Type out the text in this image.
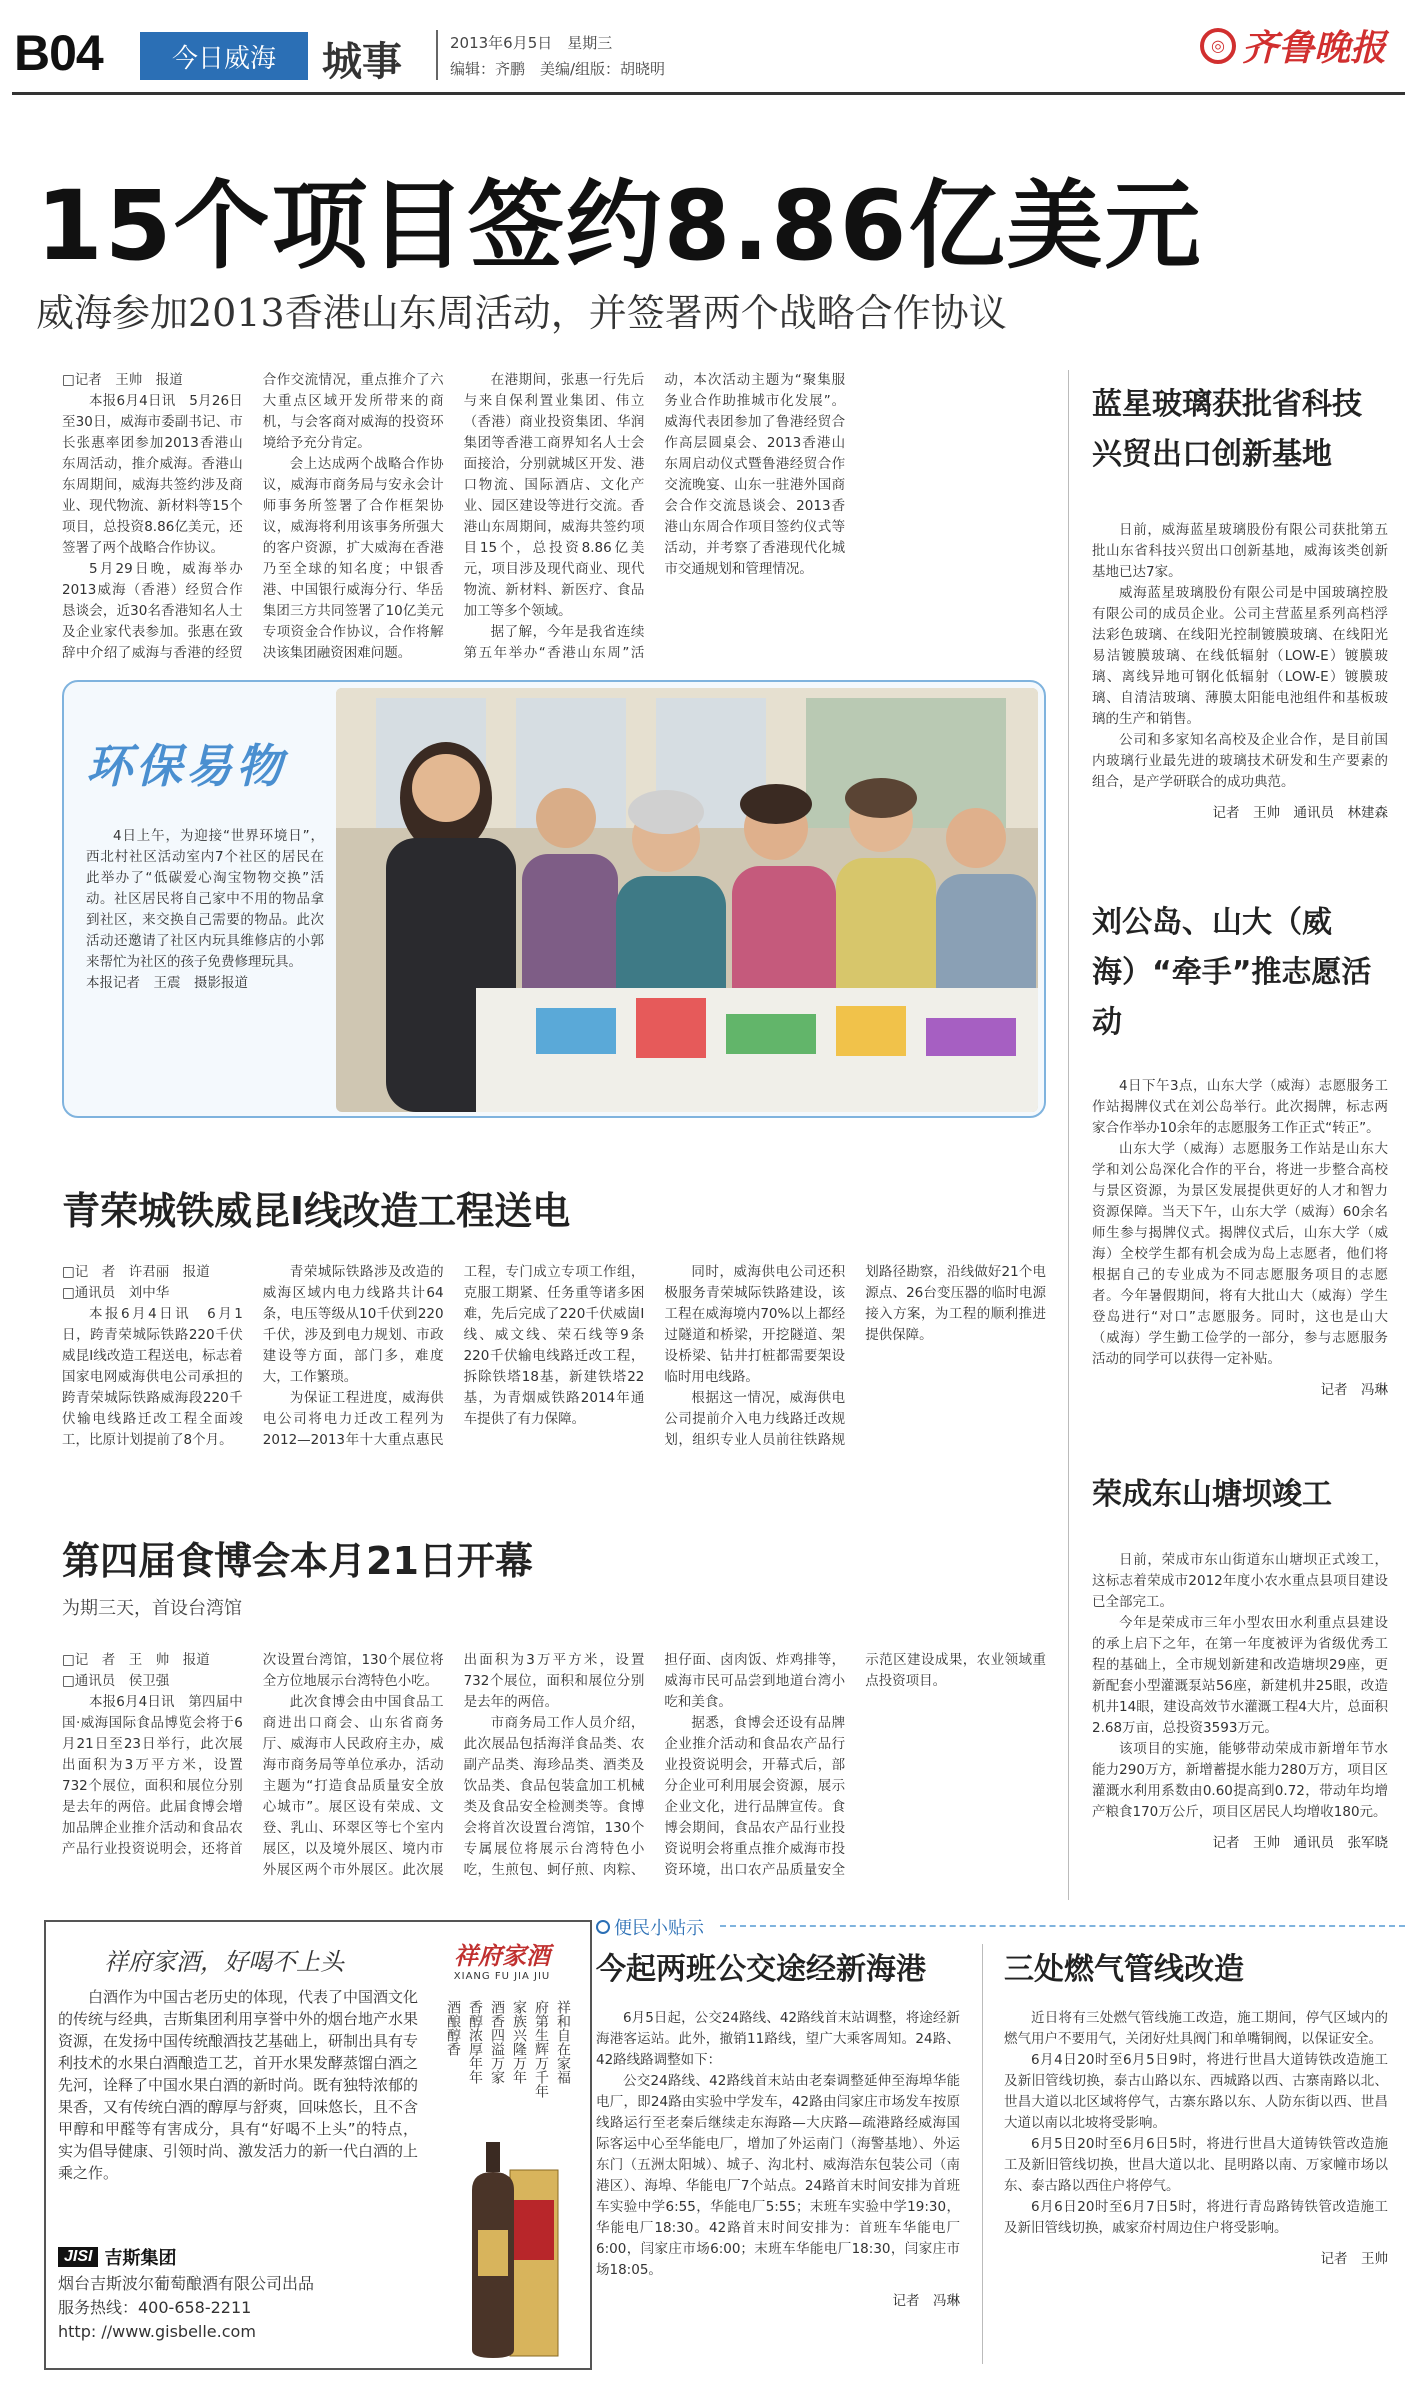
B04	今日威海	城事	2013年6月5日　星期三
编辑：齐鹏　美编/组版：胡晓明
◎ 齐鲁晚报
15个项目签约8.86亿美元
威海参加2013香港山东周活动，并签署两个战略合作协议

□记者　王帅　报道

本报6月4日讯　5月26日至30日，威海市委副书记、市长张惠率团参加2013香港山东周活动，推介威海。香港山东周期间，威海共签约涉及商业、现代物流、新材料等15个项目，总投资8.86亿美元，还签署了两个战略合作协议。

5月29日晚，威海举办2013威海（香港）经贸合作恳谈会，近30名香港知名人士及企业家代表参加。张惠在致辞中介绍了威海与香港的经贸合作交流情况，重点推介了六大重点区域开发所带来的商机，与会客商对威海的投资环境给予充分肯定。

会上达成两个战略合作协议，威海市商务局与安永会计师事务所签署了合作框架协议，威海将利用该事务所强大的客户资源，扩大威海在香港乃至全球的知名度；中银香港、中国银行威海分行、华岳集团三方共同签署了10亿美元专项资金合作协议，合作将解决该集团融资困难问题。

在港期间，张惠一行先后与来自保利置业集团、伟立（香港）商业投资集团、华润集团等香港工商界知名人士会面接洽，分别就城区开发、港口物流、国际酒店、文化产业、园区建设等进行交流。香港山东周期间，威海共签约项目15个，总投资8.86亿美元，项目涉及现代商业、现代物流、新材料、新医疗、食品加工等多个领域。

据了解，今年是我省连续第五年举办“香港山东周”活动，本次活动主题为“聚集服务业合作助推城市化发展”。威海代表团参加了鲁港经贸合作高层圆桌会、2013香港山东周启动仪式暨鲁港经贸合作交流晚宴、山东一驻港外国商会合作交流恳谈会、2013香港山东周合作项目签约仪式等活动，并考察了香港现代化城市交通规划和管理情况。

环保易物

4日上午，为迎接“世界环境日”，西北村社区活动室内7个社区的居民在此举办了“低碳爱心淘宝物物交换”活动。社区居民将自己家中不用的物品拿到社区，来交换自己需要的物品。此次活动还邀请了社区内玩具维修店的小郭来帮忙为社区的孩子免费修理玩具。

本报记者　王震　摄影报道
青荣城铁威昆Ⅰ线改造工程送电

□记　者　许君丽　报道

□通讯员　刘中华

本报6月4日讯　6月1日，跨青荣城际铁路220千伏威昆Ⅰ线改造工程送电，标志着国家电网威海供电公司承担的跨青荣城际铁路威海段220千伏输电线路迁改工程全面竣工，比原计划提前了8个月。

青荣城际铁路涉及改造的威海区域内电力线路共计64条，电压等级从10千伏到220千伏，涉及到电力规划、市政建设等方面，部门多，难度大，工作繁琐。

为保证工程进度，威海供电公司将电力迁改工程列为2012—2013年十大重点惠民工程，专门成立专项工作组，克服工期紧、任务重等诸多困难，先后完成了220千伏威崮Ⅰ线、威文线、荣石线等9条220千伏输电线路迁改工程，拆除铁塔18基，新建铁塔22基，为青烟威铁路2014年通车提供了有力保障。

同时，威海供电公司还积极服务青荣城际铁路建设，该工程在威海境内70%以上都经过隧道和桥梁，开挖隧道、架设桥梁、钻井打桩都需要架设临时用电线路。

根据这一情况，威海供电公司提前介入电力线路迁改规划，组织专业人员前往铁路规划路径勘察，沿线做好21个电源点、26台变压器的临时电源接入方案，为工程的顺利推进提供保障。

第四届食博会本月21日开幕
为期三天，首设台湾馆

□记　者　王　帅　报道

□通讯员　侯卫强

本报6月4日讯　第四届中国·威海国际食品博览会将于6月21日至23日举行，此次展出面积为3万平方米，设置732个展位，面积和展位分别是去年的两倍。此届食博会增加品牌企业推介活动和食品农产品行业投资说明会，还将首次设置台湾馆，130个展位将全方位地展示台湾特色小吃。

此次食博会由中国食品工商进出口商会、山东省商务厅、威海市人民政府主办，威海市商务局等单位承办，活动主题为“打造食品质量安全放心城市”。展区设有荣成、文登、乳山、环翠区等七个室内展区，以及境外展区、境内市外展区两个市外展区。此次展出面积为3万平方米，设置732个展位，面积和展位分别是去年的两倍。

市商务局工作人员介绍，此次展品包括海洋食品类、农副产品类、海珍品类、酒类及饮品类、食品包装盒加工机械类及食品安全检测类等。食博会将首次设置台湾馆，130个专属展位将展示台湾特色小吃，生煎包、蚵仔煎、肉粽、担仔面、卤肉饭、炸鸡排等，威海市民可品尝到地道台湾小吃和美食。

据悉，食博会还设有品牌企业推介活动和食品农产品行业投资说明会，开幕式后，部分企业可利用展会资源，展示企业文化，进行品牌宣传。食博会期间，食品农产品行业投资说明会将重点推介威海市投资环境，出口农产品质量安全示范区建设成果，农业领域重点投资项目。

蓝星玻璃获批省科技兴贸出口创新基地

日前，威海蓝星玻璃股份有限公司获批第五批山东省科技兴贸出口创新基地，威海该类创新基地已达7家。

威海蓝星玻璃股份有限公司是中国玻璃控股有限公司的成员企业。公司主营蓝星系列高档浮法彩色玻璃、在线阳光控制镀膜玻璃、在线阳光易洁镀膜玻璃、在线低辐射（LOW-E）镀膜玻璃、离线异地可钢化低辐射（LOW-E）镀膜玻璃、自清洁玻璃、薄膜太阳能电池组件和基板玻璃的生产和销售。

公司和多家知名高校及企业合作，是目前国内玻璃行业最先进的玻璃技术研发和生产要素的组合，是产学研联合的成功典范。

记者　王帅　通讯员　林建森
刘公岛、山大（威海）“牵手”推志愿活动

4日下午3点，山东大学（威海）志愿服务工作站揭牌仪式在刘公岛举行。此次揭牌，标志两家合作举办10余年的志愿服务工作正式“转正”。

山东大学（威海）志愿服务工作站是山东大学和刘公岛深化合作的平台，将进一步整合高校与景区资源，为景区发展提供更好的人才和智力资源保障。当天下午，山东大学（威海）60余名师生参与揭牌仪式。揭牌仪式后，山东大学（威海）全校学生都有机会成为岛上志愿者，他们将根据自己的专业成为不同志愿服务项目的志愿者。今年暑假期间，将有大批山大（威海）学生登岛进行“对口”志愿服务。同时，这也是山大（威海）学生勤工俭学的一部分，参与志愿服务活动的同学可以获得一定补贴。

记者　冯琳
荣成东山塘坝竣工

日前，荣成市东山街道东山塘坝正式竣工，这标志着荣成市2012年度小农水重点县项目建设已全部完工。

今年是荣成市三年小型农田水利重点县建设的承上启下之年，在第一年度被评为省级优秀工程的基础上，全市规划新建和改造塘坝29座，更新配套小型灌溉泵站56座，新建机井25眼，改造机井14眼，建设高效节水灌溉工程4大片，总面积2.68万亩，总投资3593万元。

该项目的实施，能够带动荣成市新增年节水能力290万方，新增蓄提水能力280万方，项目区灌溉水利用系数由0.60提高到0.72，带动年均增产粮食170万公斤，项目区居民人均增收180元。

记者　王帅　通讯员　张军晓
祥府家酒，好喝不上头

白酒作为中国古老历史的体现，代表了中国酒文化的传统与经典，吉斯集团利用享誉中外的烟台地产水果资源，在发扬中国传统酿酒技艺基础上，研制出具有专利技术的水果白酒酿造工艺，首开水果发酵蒸馏白酒之先河，诠释了中国水果白酒的新时尚。既有独特浓郁的果香，又有传统白酒的醇厚与舒爽，回味悠长，且不含甲醇和甲醛等有害成分，具有“好喝不上头”的特点，实为倡导健康、引领时尚、激发活力的新一代白酒的上乘之作。

JISI 吉斯集团
烟台吉斯波尔葡萄酿酒有限公司出品
服务热线：400-658-2211
http: //www.gisbelle.com
祥府家酒
XIANG FU JIA JIU
祥和自在家福
府第生辉万千年
家族兴隆万年
酒香四溢万家
香醇浓厚年年
酒酿醇香
便民小贴示
今起两班公交途经新海港

6月5日起，公交24路线、42路线首末站调整，将途经新海港客运站。此外，撤销11路线，望广大乘客周知。24路、42路线路调整如下：

公交24路线、42路线首末站由老秦调整延伸至海埠华能电厂，即24路由实验中学发车，42路由闫家庄市场发车按原线路运行至老秦后继续走东海路—大庆路—疏港路经威海国际客运中心至华能电厂，增加了外运南门（海警基地）、外运东门（五洲太阳城）、城子、沟北村、威海浩东包装公司（南港区）、海埠、华能电厂7个站点。24路首末时间安排为首班车实验中学6:55，华能电厂5:55；末班车实验中学19:30，华能电厂18:30。42路首末时间安排为：首班车华能电厂6:00，闫家庄市场6:00；末班车华能电厂18:30，闫家庄市场18:05。

记者　冯琳
三处燃气管线改造

近日将有三处燃气管线施工改造，施工期间，停气区域内的燃气用户不要用气，关闭好灶具阀门和单嘴铜阀，以保证安全。

6月4日20时至6月5日9时，将进行世昌大道铸铁改造施工及新旧管线切换，泰古山路以东、西城路以西、古寨南路以北、世昌大道以北区域将停气，古寨东路以东、人防东街以西、世昌大道以南以北坡将受影响。

6月5日20时至6月6日5时，将进行世昌大道铸铁管改造施工及新旧管线切换，世昌大道以北、昆明路以南、万家幢市场以东、泰古路以西住户将停气。

6月6日20时至6月7日5时，将进行青岛路铸铁管改造施工及新旧管线切换，戚家夼村周边住户将受影响。

记者　王帅
